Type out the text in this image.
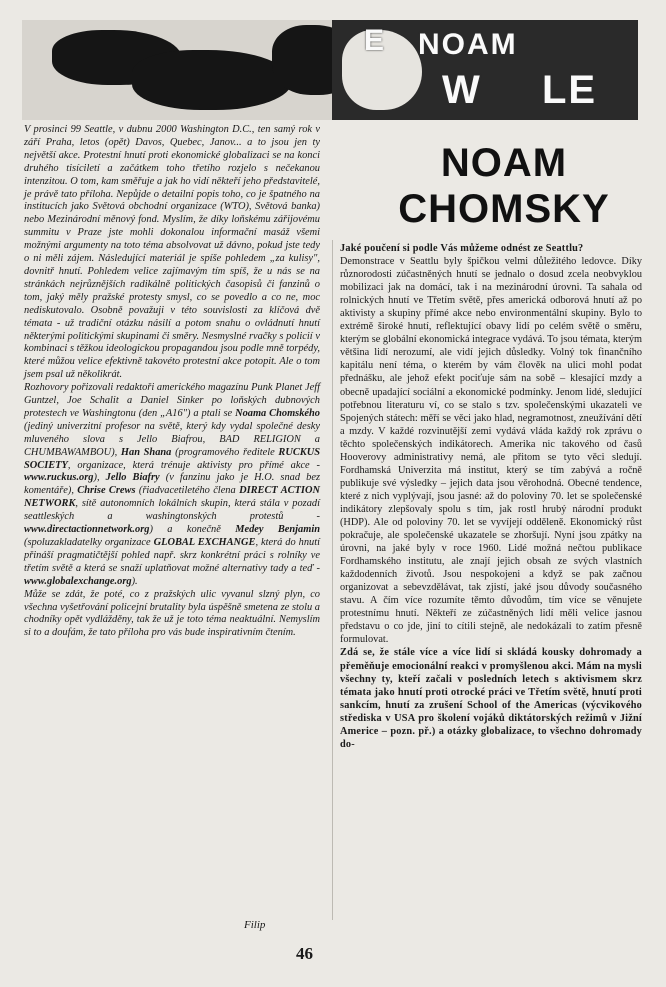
E NOAM
W LE

V prosinci 99 Seattle, v dubnu 2000 Washington D.C., ten samý rok v září Praha, letos (opět) Davos, Quebec, Janov... a to jsou jen ty největší akce. Protestní hnutí proti ekonomické globalizaci se na konci druhého tisíciletí a začátkem toho třetího rozjelo s nečekanou intenzitou. O tom, kam směřuje a jak ho vidí někteří jeho představitelé, je právě tato příloha. Nepůjde o detailní popis toho, co je špatného na institucích jako Světová obchodní organizace (WTO), Světová banka) nebo Mezinárodní měnový fond. Myslím, že díky loňskému zářijovému summitu v Praze jste mohli dokonalou informační masáž všemi možnými argumenty na toto téma absolvovat už dávno, pokud jste tedy o ni měli zájem. Následující materiál je spíše pohledem „za kulisy", dovnitř hnutí. Pohledem velice zajímavým tím spíš, že u nás se na stránkách nejrůznějších radikálně politických časopisů či fanzinů o tom, jaký měly pražské protesty smysl, co se povedlo a co ne, moc nediskutovalo. Osobně považuji v této souvislosti za klíčová dvě témata - už tradiční otázku násilí a potom snahu o ovládnutí hnutí některými politickými skupinami či směry. Nesmyslné rvačky s policií v kombinaci s těžkou ideologickou propagandou jsou podle mně torpédy, které můžou velice efektivně takovéto protestní akce potopit. Ale o tom jsem psal už několikrát.

Rozhovory pořizovali redaktoři amerického magazínu Punk Planet Jeff Guntzel, Joe Schalit a Daniel Sinker po loňských dubnových protestech ve Washingtonu (den „A16") a ptali se Noama Chomského (jediný univerzitní profesor na světě, který kdy vydal společné desky mluveného slova s Jello Biafrou, BAD RELIGION a CHUMBAWAMBOU), Han Shana (programového ředitele RUCKUS SOCIETY, organizace, která trénuje aktivisty pro přímé akce - www.ruckus.org), Jello Biafry (v fanzinu jako je H.O. snad bez komentáře), Chrise Crews (řiadvacetiletého člena DIRECT ACTION NETWORK, sítě autonomních lokálních skupin, která stála v pozadí seattleských a washingtonských protestů - www.directactionnetwork.org) a konečně Medey Benjamin (spoluzakladatelky organizace GLOBAL EXCHANGE, která do hnutí přináší pragmatičtější pohled např. skrz konkrétní práci s rolníky ve třetím světě a která se snaží uplatňovat možné alternativy tady a teď - www.globalexchange.org).

Může se zdát, že poté, co z pražských ulic vyvanul slzný plyn, co všechna vyšetřování policejní brutality byla úspěšně smetena ze stolu a chodníky opět vydlážděny, tak že už je toto téma neaktuální. Nemyslím si to a doufám, že tato příloha pro vás bude inspirativním čtením.

Filip
46
NOAM
CHOMSKY

Jaké poučení si podle Vás můžeme odnést ze Seattlu?

Demonstrace v Seattlu byly špičkou velmi důležitého ledovce. Díky různorodosti zúčastněných hnutí se jednalo o dosud zcela neobvyklou mobilizaci jak na domácí, tak i na mezinárodní úrovni. Ta sahala od rolnických hnutí ve Třetím světě, přes americká odborová hnutí až po aktivisty a skupiny přímé akce nebo environmentální skupiny. Bylo to extrémě široké hnutí, reflektující obavy lidí po celém světě o směru, kterým se globální ekonomická integrace vydává. To jsou témata, kterým většina lidí nerozumí, ale vidí jejich důsledky. Volný tok finančního kapitálu není téma, o kterém by vám člověk na ulici mohl podat přednášku, ale jehož efekt pociťuje sám na sobě – klesající mzdy a obecně upadající sociální a ekonomické podmínky. Jenom lidé, sledující potřebnou literaturu ví, co se stalo s tzv. společenskými ukazateli ve Spojených státech: měří se věci jako hlad, negramotnost, zneužívání dětí a mzdy. V každé rozvinutější zemi vydává vláda každý rok zprávu o těchto společenských indikátorech. Amerika nic takového od časů Hooverovy administrativy nemá, ale přitom se tyto věci sledují. Fordhamská Univerzita má institut, který se tím zabývá a ročně publikuje své výsledky – jejich data jsou věrohodná. Obecné tendence, které z nich vyplývají, jsou jasné: až do poloviny 70. let se společenské indikátory zlepšovaly spolu s tím, jak rostl hrubý národní produkt (HDP). Ale od poloviny 70. let se vyvíjejí odděleně. Ekonomický růst pokračuje, ale společenské ukazatele se zhoršují. Nyní jsou zpátky na úrovni, na jaké byly v roce 1960. Lidé možná nečtou publikace Fordhamského institutu, ale znají jejich obsah ze svých vlastních každodenních životů. Jsou nespokojeni a když se pak začnou organizovat a sebevzdělávat, tak zjistí, jaké jsou důvody současného stavu. A čím více rozumíte těmto důvodům, tím více se věnujete protestnímu hnutí. Někteří ze zúčastněných lidí měli velice jasnou představu o co jde, jiní to cítili stejně, ale nedokázali to zatím přesně formulovat.

Zdá se, že stále více a více lidí si skládá kousky dohromady a přeměňuje emocionální reakci v promyšlenou akci. Mám na mysli všechny ty, kteří začali v posledních letech s aktivismem skrz témata jako hnutí proti otrocké práci ve Třetím světě, hnutí proti sankcím, hnutí za zrušení School of the Americas (výcvikového střediska v USA pro školení vojáků diktátorských režimů v Jižní Americe – pozn. př.) a otázky globalizace, to všechno dohromady do-
